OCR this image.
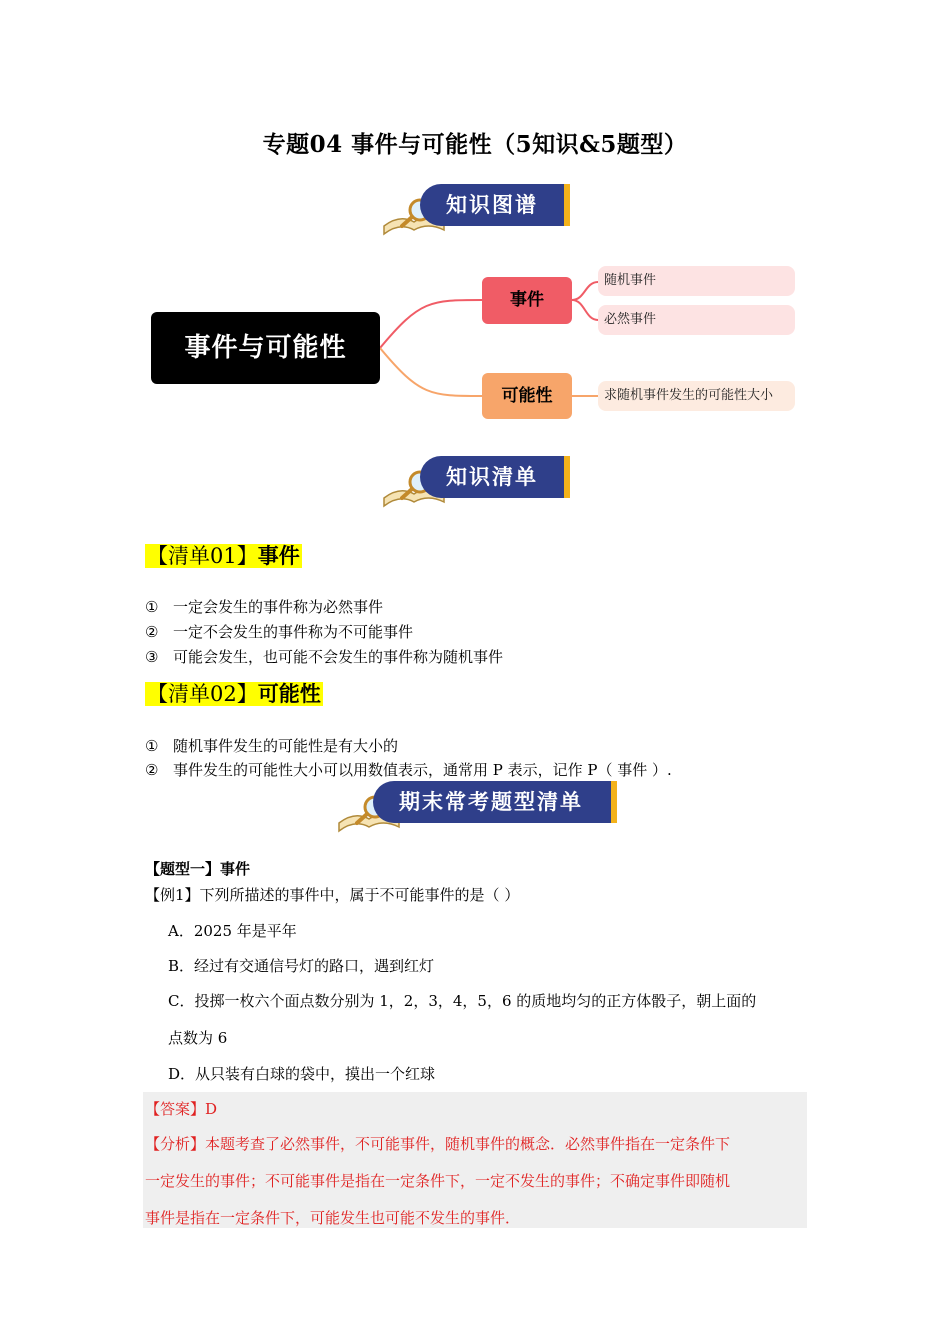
专题04 事件与可能性（5知识&5题型）
知识图谱
事件与可能性
事件
随机事件
必然事件
可能性	求随机事件发生的可能性大小
知识清单
【清单01】事件
① 一定会发生的事件称为必然事件
② 一定不会发生的事件称为不可能事件
③ 可能会发生，也可能不会发生的事件称为随机事件
【清单02】可能性
① 随机事件发生的可能性是有大小的
② 事件发生的可能性大小可以用数值表示，通常用 P 表示，记作 P（ 事件 ）.
期末常考题型清单
【题型一】事件
【例1】下列所描述的事件中，属于不可能事件的是（ ）
A．2025 年是平年
B．经过有交通信号灯的路口，遇到红灯
C．投掷一枚六个面点数分别为 1，2，3，4，5，6 的质地均匀的正方体骰子，朝上面的
点数为 6
D．从只装有白球的袋中，摸出一个红球
【答案】D
【分析】本题考查了必然事件，不可能事件，随机事件的概念．必然事件指在一定条件下
一定发生的事件；不可能事件是指在一定条件下，一定不发生的事件；不确定事件即随机
事件是指在一定条件下，可能发生也可能不发生的事件．
